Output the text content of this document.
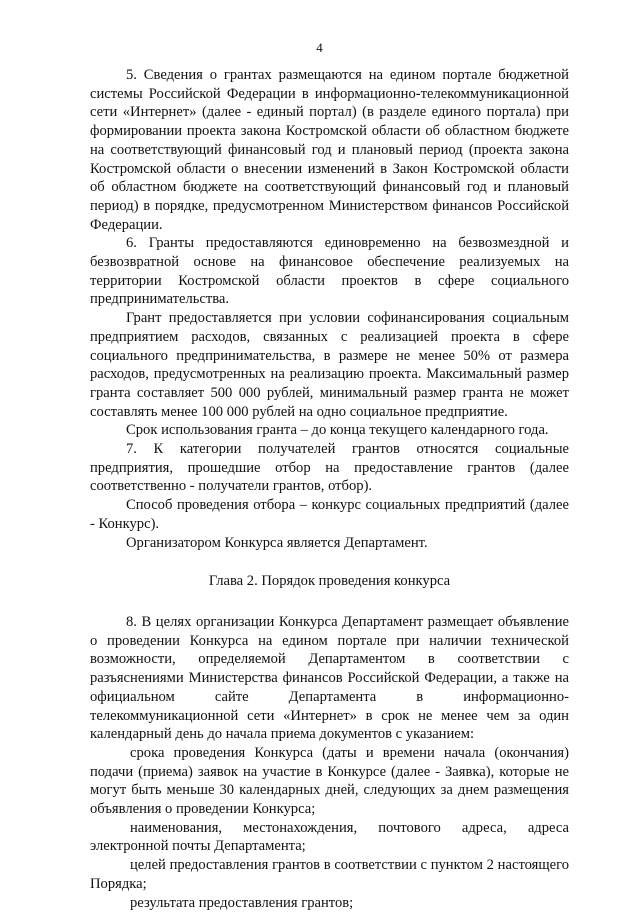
4

5. Сведения о грантах размещаются на едином портале бюджетной системы Российской Федерации в информационно-телекоммуникационной сети «Интернет» (далее - единый портал) (в разделе единого портала) при формировании проекта закона Костромской области об областном бюджете на соответствующий финансовый год и плановый период (проекта закона Костромской области о внесении изменений в Закон Костромской области об областном бюджете на соответствующий финансовый год и плановый период) в порядке, предусмотренном Министерством финансов Российской Федерации.

6. Гранты предоставляются единовременно на безвозмездной и безвозвратной основе на финансовое обеспечение реализуемых на территории Костромской области проектов в сфере социального предпринимательства.

Грант предоставляется при условии софинансирования социальным предприятием расходов, связанных с реализацией проекта в сфере социального предпринимательства, в размере не менее 50% от размера расходов, предусмотренных на реализацию проекта. Максимальный размер гранта составляет 500 000 рублей, минимальный размер гранта не может составлять менее 100 000 рублей на одно социальное предприятие.

Срок использования гранта – до конца текущего календарного года.

7. К категории получателей грантов относятся социальные предприятия, прошедшие отбор на предоставление грантов (далее соответственно - получатели грантов, отбор).

Способ проведения отбора – конкурс социальных предприятий (далее - Конкурс).

Организатором Конкурса является Департамент.

Глава 2. Порядок проведения конкурса

8. В целях организации Конкурса Департамент размещает объявление о проведении Конкурса на едином портале при наличии технической возможности, определяемой Департаментом в соответствии с разъяснениями Министерства финансов Российской Федерации, а также на официальном сайте Департамента в информационно-телекоммуникационной сети «Интернет» в срок не менее чем за один календарный день до начала приема документов с указанием:

срока проведения Конкурса (даты и времени начала (окончания) подачи (приема) заявок на участие в Конкурсе (далее - Заявка), которые не могут быть меньше 30 календарных дней, следующих за днем размещения объявления о проведении Конкурса;

наименования, местонахождения, почтового адреса, адреса электронной почты Департамента;

целей предоставления грантов в соответствии с пунктом 2 настоящего Порядка;

результата предоставления грантов;
